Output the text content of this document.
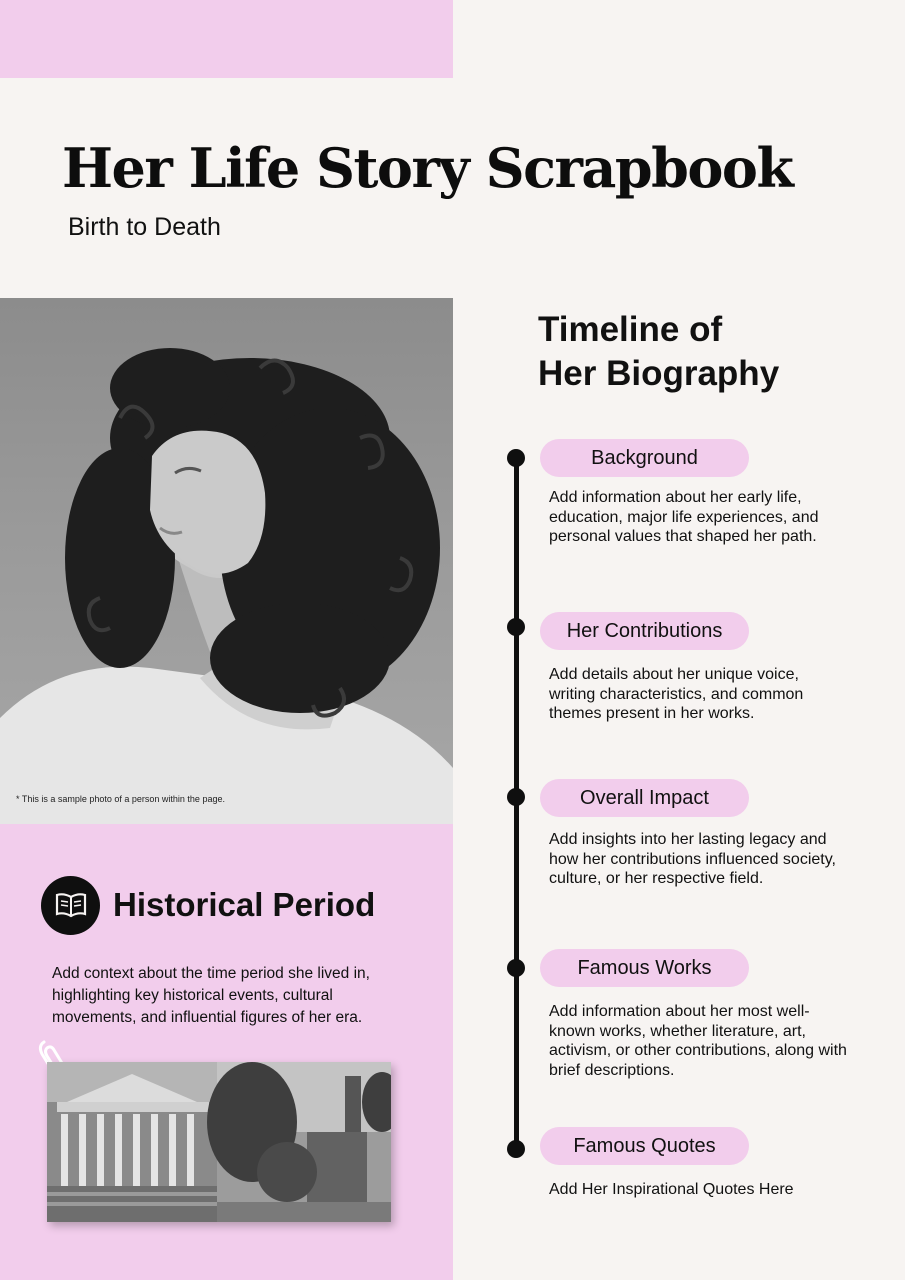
Her Life Story Scrapbook
Birth to Death
* This is a sample photo of a person within the page.
Historical Period
Add context about the time period she lived in, highlighting key historical events, cultural movements, and influential figures of her era.
Timeline of
Her Biography
Background
Add information about her early life, education, major life experiences, and personal values that shaped her path.
Her Contributions
Add details about her unique voice, writing characteristics, and common themes present in her works.
Overall Impact
Add insights into her lasting legacy and how her contributions influenced society, culture, or her respective field.
Famous Works
Add information about her most well-known works, whether literature, art, activism, or other contributions, along with brief descriptions.
Famous Quotes
Add Her Inspirational Quotes Here
